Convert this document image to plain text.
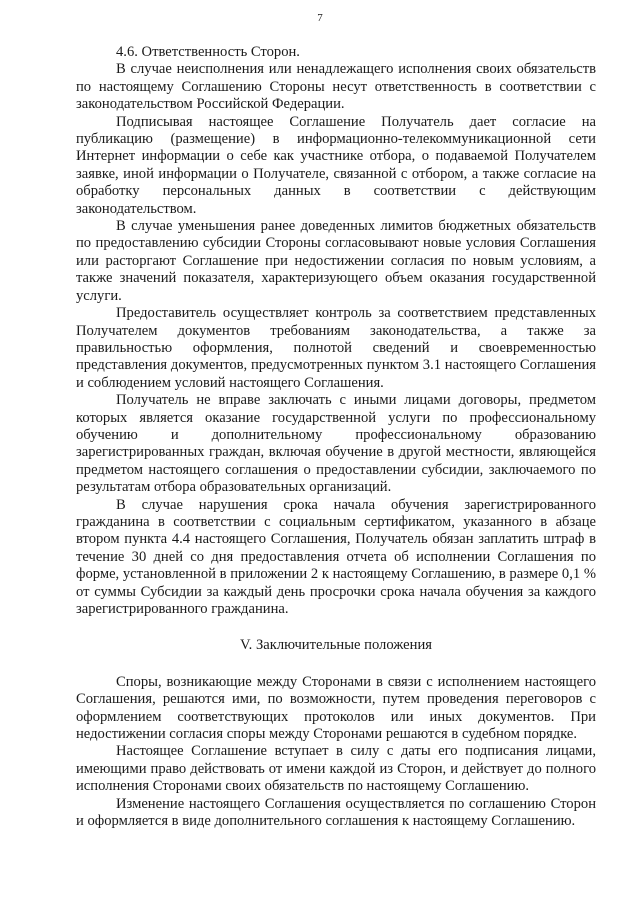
7

4.6. Ответственность Сторон.

В случае неисполнения или ненадлежащего исполнения своих обязательств по настоящему Соглашению Стороны несут ответственность в соответствии с законодательством Российской Федерации.

Подписывая настоящее Соглашение Получатель дает согласие на публикацию (размещение) в информационно-телекоммуникационной сети Интернет информации о себе как участнике отбора, о подаваемой Получателем заявке, иной информации о Получателе, связанной с отбором, а также согласие на обработку персональных данных в соответствии с действующим законодательством.

В случае уменьшения ранее доведенных лимитов бюджетных обязательств по предоставлению субсидии Стороны согласовывают новые условия Соглашения или расторгают Соглашение при недостижении согласия по новым условиям, а также значений показателя, характеризующего объем оказания государственной услуги.

Предоставитель осуществляет контроль за соответствием представленных Получателем документов требованиям законодательства, а также за правильностью оформления, полнотой сведений и своевременностью представления документов, предусмотренных пунктом 3.1 настоящего Соглашения и соблюдением условий настоящего Соглашения.

Получатель не вправе заключать с иными лицами договоры, предметом которых является оказание государственной услуги по профессиональному обучению и дополнительному профессиональному образованию зарегистрированных граждан, включая обучение в другой местности, являющейся предметом настоящего соглашения о предоставлении субсидии, заключаемого по результатам отбора образовательных организаций.

В случае нарушения срока начала обучения зарегистрированного гражданина в соответствии с социальным сертификатом, указанного в абзаце втором пункта 4.4 настоящего Соглашения, Получатель обязан заплатить штраф в течение 30 дней со дня предоставления отчета об исполнении Соглашения по форме, установленной в приложении 2 к настоящему Соглашению, в размере 0,1 % от суммы Субсидии за каждый день просрочки срока начала обучения за каждого зарегистрированного гражданина.

V. Заключительные положения

Споры, возникающие между Сторонами в связи с исполнением настоящего Соглашения, решаются ими, по возможности, путем проведения переговоров с оформлением соответствующих протоколов или иных документов. При недостижении согласия споры между Сторонами решаются в судебном порядке.

Настоящее Соглашение вступает в силу с даты его подписания лицами, имеющими право действовать от имени каждой из Сторон, и действует до полного исполнения Сторонами своих обязательств по настоящему Соглашению.

Изменение настоящего Соглашения осуществляется по соглашению Сторон и оформляется в виде дополнительного соглашения к настоящему Соглашению.
